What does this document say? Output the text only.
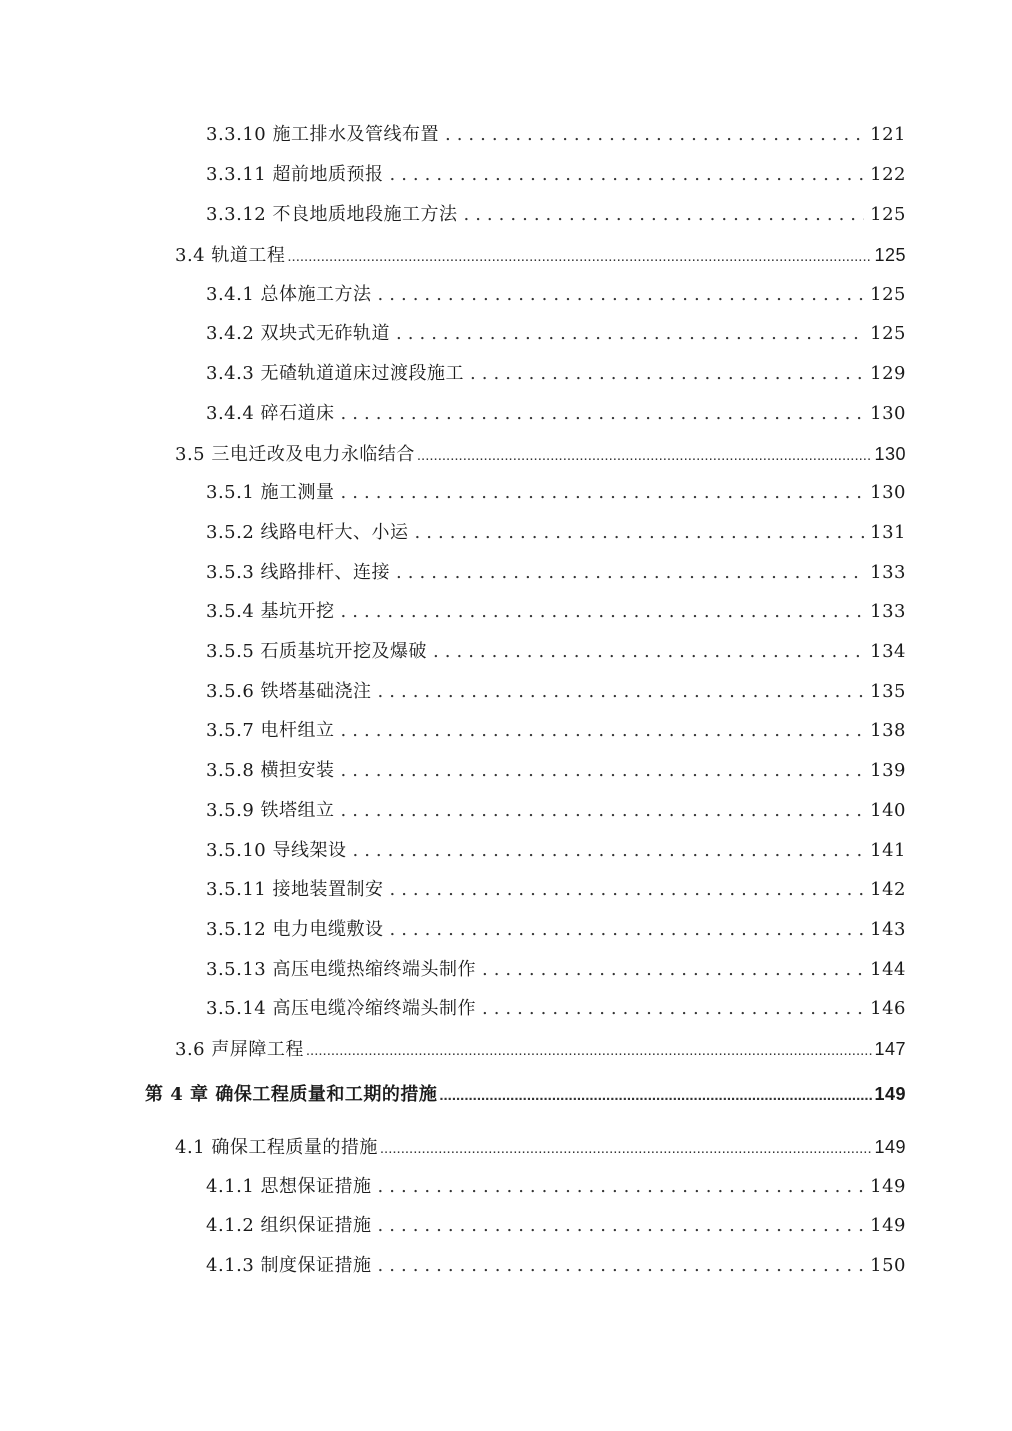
3.3.10 施工排水及管线布置 .....	121
3.3.11 超前地质预报 .....	122
3.3.12 不良地质地段施工方法 .....	125
3.4 轨道工程 .....	125
3.4.1 总体施工方法 .....	125
3.4.2 双块式无砟轨道 .....	125
3.4.3 无碴轨道道床过渡段施工 .....	129
3.4.4 碎石道床 .....	130
3.5 三电迁改及电力永临结合 .....	130
3.5.1 施工测量 .....	130
3.5.2 线路电杆大、小运 .....	131
3.5.3 线路排杆、连接 .....	133
3.5.4 基坑开挖 .....	133
3.5.5 石质基坑开挖及爆破 .....	134
3.5.6 铁塔基础浇注 .....	135
3.5.7 电杆组立 .....	138
3.5.8 横担安装 .....	139
3.5.9 铁塔组立 .....	140
3.5.10 导线架设 .....	141
3.5.11 接地装置制安 .....	142
3.5.12 电力电缆敷设 .....	143
3.5.13 高压电缆热缩终端头制作 .....	144
3.5.14 高压电缆冷缩终端头制作 .....	146
3.6 声屏障工程 .....	147
第 4 章 确保工程质量和工期的措施 .....	149
4.1 确保工程质量的措施 .....	149
4.1.1 思想保证措施 .....	149
4.1.2 组织保证措施 .....	149
4.1.3 制度保证措施 .....	150
